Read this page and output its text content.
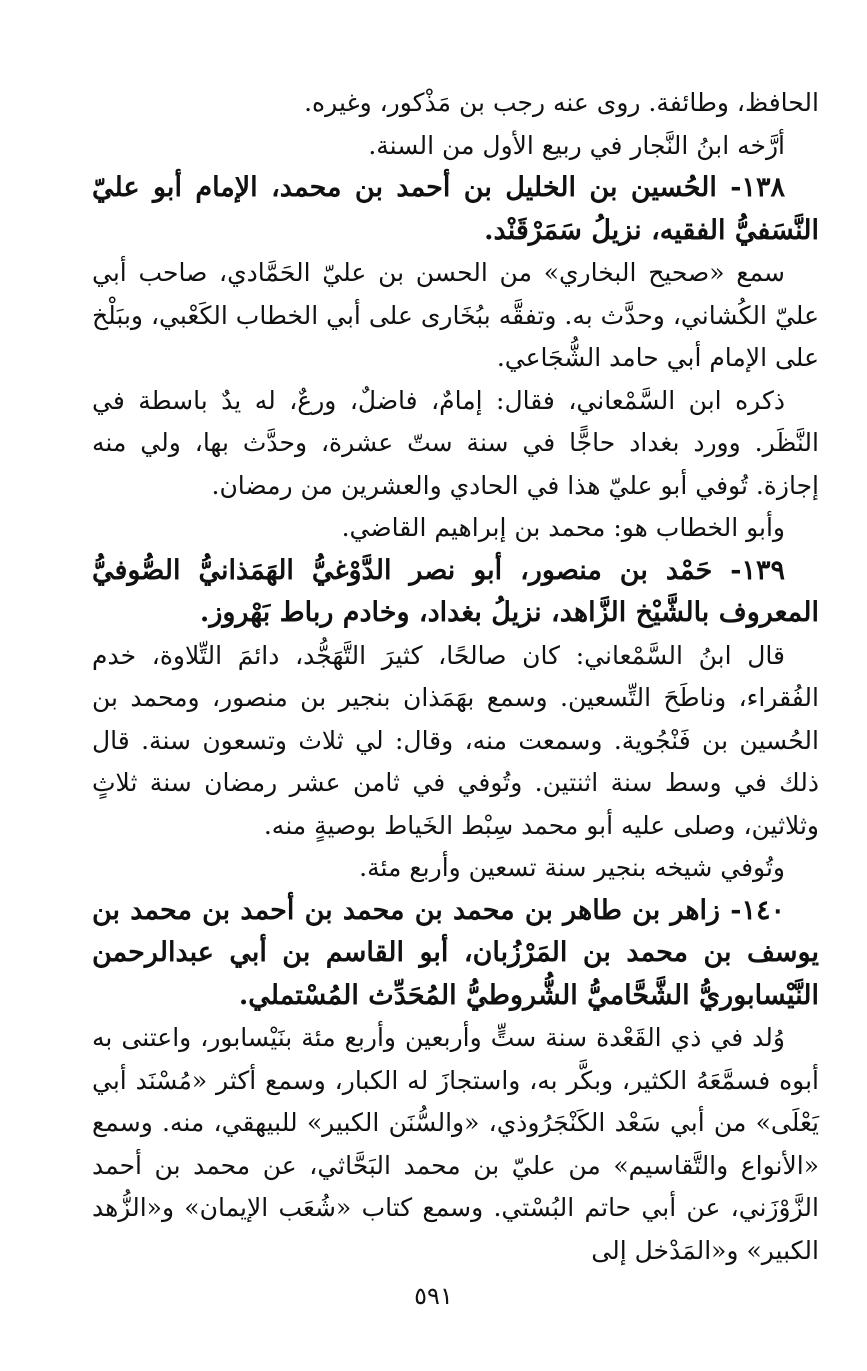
الحافظ، وطائفة. روى عنه رجب بن مَذْكور، وغيره.

أرَّخه ابنُ النَّجار في ربيع الأول من السنة.

١٣٨- الحُسين بن الخليل بن أحمد بن محمد، الإمام أبو عليّ النَّسَفيُّ الفقيه، نزيلُ سَمَرْقَنْد.

سمع «صحيح البخاري» من الحسن بن عليّ الحَمَّادي، صاحب أبي عليّ الكُشاني، وحدَّث به. وتفقَّه ببُخَارى على أبي الخطاب الكَعْبي، وببَلْخ على الإمام أبي حامد الشُّجَاعي.

ذكره ابن السَّمْعاني، فقال: إمامٌ، فاضلٌ، ورعٌ، له يدٌ باسطة في النَّظَر. وورد بغداد حاجًّا في سنة ستّ عشرة، وحدَّث بها، ولي منه إجازة. تُوفي أبو عليّ هذا في الحادي والعشرين من رمضان.

وأبو الخطاب هو: محمد بن إبراهيم القاضي.

١٣٩- حَمْد بن منصور، أبو نصر الدَّوْغيُّ الهَمَذانيُّ الصُّوفيُّ المعروف بالشَّيْخ الزَّاهد، نزيلُ بغداد، وخادم رباط بَهْروز.

قال ابنُ السَّمْعاني: كان صالحًا، كثيرَ التَّهَجُّد، دائمَ التِّلاوة، خدم الفُقراء، وناطَحَ التِّسعين. وسمع بهَمَذان بنجير بن منصور، ومحمد بن الحُسين بن فَنْجُوية. وسمعت منه، وقال: لي ثلاث وتسعون سنة. قال ذلك في وسط سنة اثنتين. وتُوفي في ثامن عشر رمضان سنة ثلاثٍ وثلاثين، وصلى عليه أبو محمد سِبْط الخَياط بوصيةٍ منه.

وتُوفي شيخه بنجير سنة تسعين وأربع مئة.

١٤٠- زاهر بن طاهر بن محمد بن محمد بن أحمد بن محمد بن يوسف بن محمد بن المَرْزُبان، أبو القاسم بن أبي عبدالرحمن النَّيْسابوريُّ الشَّحَّاميُّ الشُّروطيُّ المُحَدِّث المُسْتملي.

وُلد في ذي القَعْدة سنة ستٍّ وأربعين وأربع مئة بنَيْسابور، واعتنى به أبوه فسمَّعَهُ الكثير، وبكَّر به، واستجازَ له الكبار، وسمع أكثر «مُسْنَد أبي يَعْلَى» من أبي سَعْد الكَنْجَرُوذي، «والسُّنَن الكبير» للبيهقي، منه. وسمع «الأنواع والتَّقاسيم» من عليّ بن محمد البَحَّاثي، عن محمد بن أحمد الزَّوْزَني، عن أبي حاتم البُسْتي. وسمع كتاب «شُعَب الإيمان» و«الزُّهد الكبير» و«المَدْخل إلى

٥٩١
